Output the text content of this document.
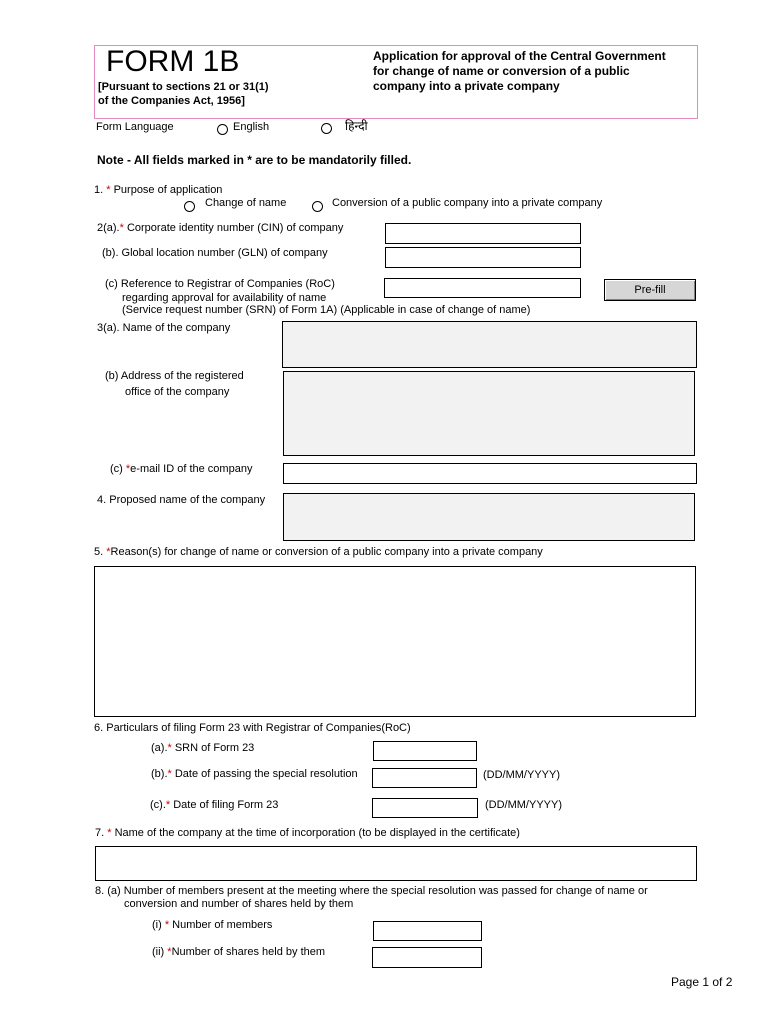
FORM 1B
[Pursuant to sections 21 or 31(1)
of the Companies Act, 1956]
Application for approval of the Central Government
for change of name or conversion of a public
company into a private company
Form Language	English	हिन्दी
Note - All fields marked in * are to be mandatorily filled.
1. * Purpose of application
Change of name	Conversion of a public company into a private company
2(a).* Corporate identity number (CIN) of company
(b). Global location number (GLN) of company
(c) Reference to Registrar of Companies (RoC)
regarding approval for availability of name
(Service request number (SRN) of Form 1A) (Applicable in case of change of name)
Pre-fill
3(a). Name of the company
(b) Address of the registered
office of the company
(c) *e-mail ID of the company
4. Proposed name of the company
5. *Reason(s) for change of name or conversion of a public company into a private company
6. Particulars of filing Form 23 with Registrar of Companies(RoC)
(a).* SRN of Form 23
(b).* Date of passing the special resolution	(DD/MM/YYYY)
(c).* Date of filing Form 23	(DD/MM/YYYY)
7. * Name of the company at the time of incorporation (to be displayed in the certificate)
8. (a) Number of members present at the meeting where the special resolution was passed for change of name or
conversion and number of shares held by them
(i) * Number of members
(ii) *Number of shares held by them
Page 1 of 2
